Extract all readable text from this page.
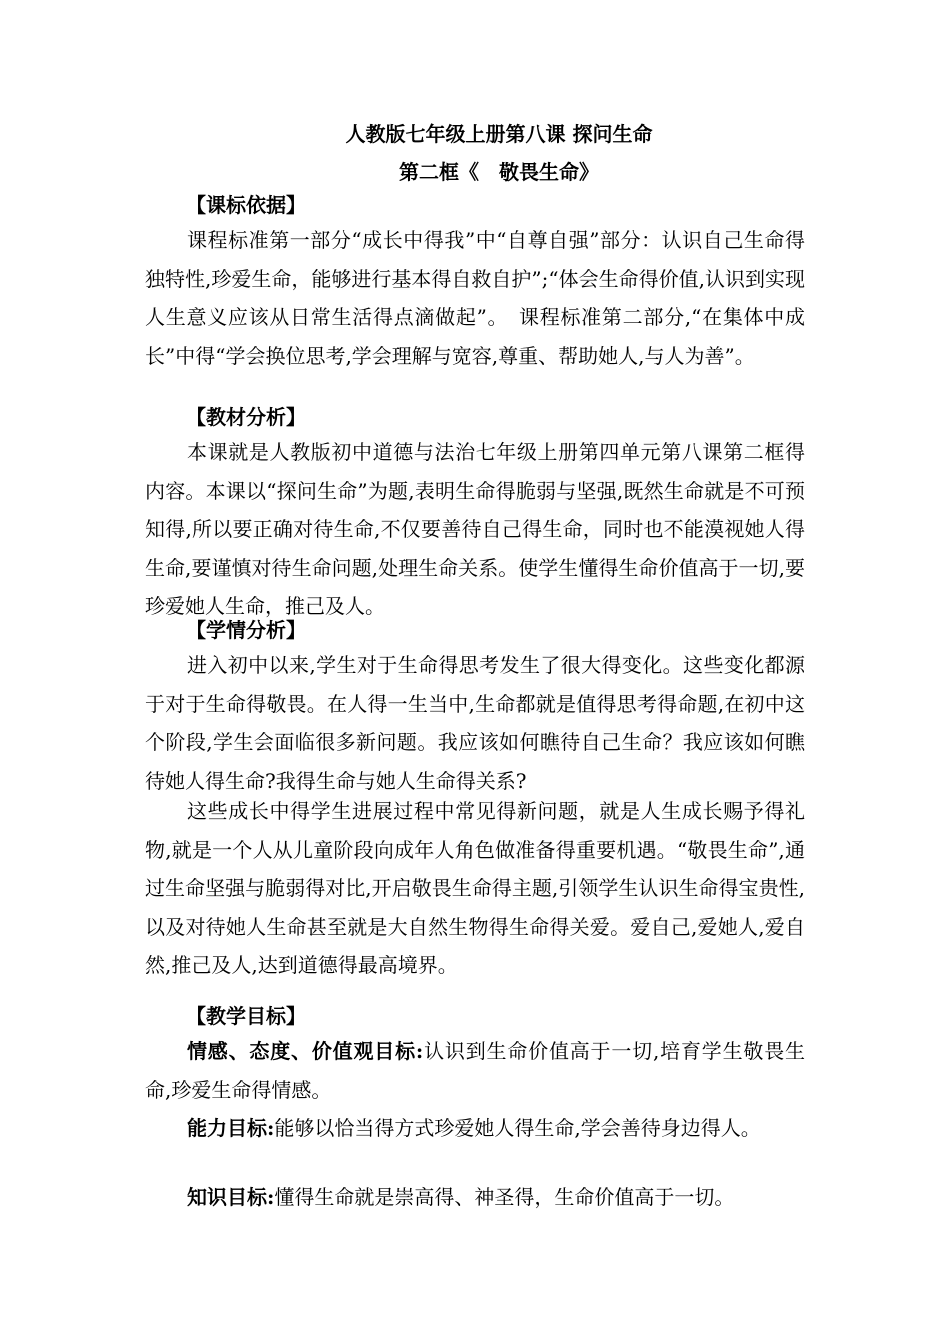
人教版七年级上册第八课 探问生命
第二框《　敬畏生命》
【课标依据】
课程标准第一部分“成长中得我”中“自尊自强”部分：认识自己生命得独特性,珍爱生命，能够进行基本得自救自护”;“体会生命得价值,认识到实现人生意义应该从日常生活得点滴做起”。　课程标准第二部分,“在集体中成长”中得“学会换位思考,学会理解与宽容,尊重、帮助她人,与人为善”。
【教材分析】
本课就是人教版初中道德与法治七年级上册第四单元第八课第二框得内容。本课以“探问生命”为题,表明生命得脆弱与坚强,既然生命就是不可预知得,所以要正确对待生命,不仅要善待自己得生命，同时也不能漠视她人得生命,要谨慎对待生命问题,处理生命关系。使学生懂得生命价值高于一切,要珍爱她人生命，推己及人。
【学情分析】
进入初中以来,学生对于生命得思考发生了很大得变化。这些变化都源于对于生命得敬畏。在人得一生当中,生命都就是值得思考得命题,在初中这个阶段,学生会面临很多新问题。我应该如何瞧待自己生命？我应该如何瞧待她人得生命?我得生命与她人生命得关系?
这些成长中得学生进展过程中常见得新问题，就是人生成长赐予得礼物,就是一个人从儿童阶段向成年人角色做准备得重要机遇。“敬畏生命”,通过生命坚强与脆弱得对比,开启敬畏生命得主题,引领学生认识生命得宝贵性,以及对待她人生命甚至就是大自然生物得生命得关爱。爱自己,爱她人,爱自然,推己及人,达到道德得最高境界。
【教学目标】
情感、态度、价值观目标:认识到生命价值高于一切,培育学生敬畏生命,珍爱生命得情感。
能力目标:能够以恰当得方式珍爱她人得生命,学会善待身边得人。
知识目标:懂得生命就是崇高得、神圣得，生命价值高于一切。
